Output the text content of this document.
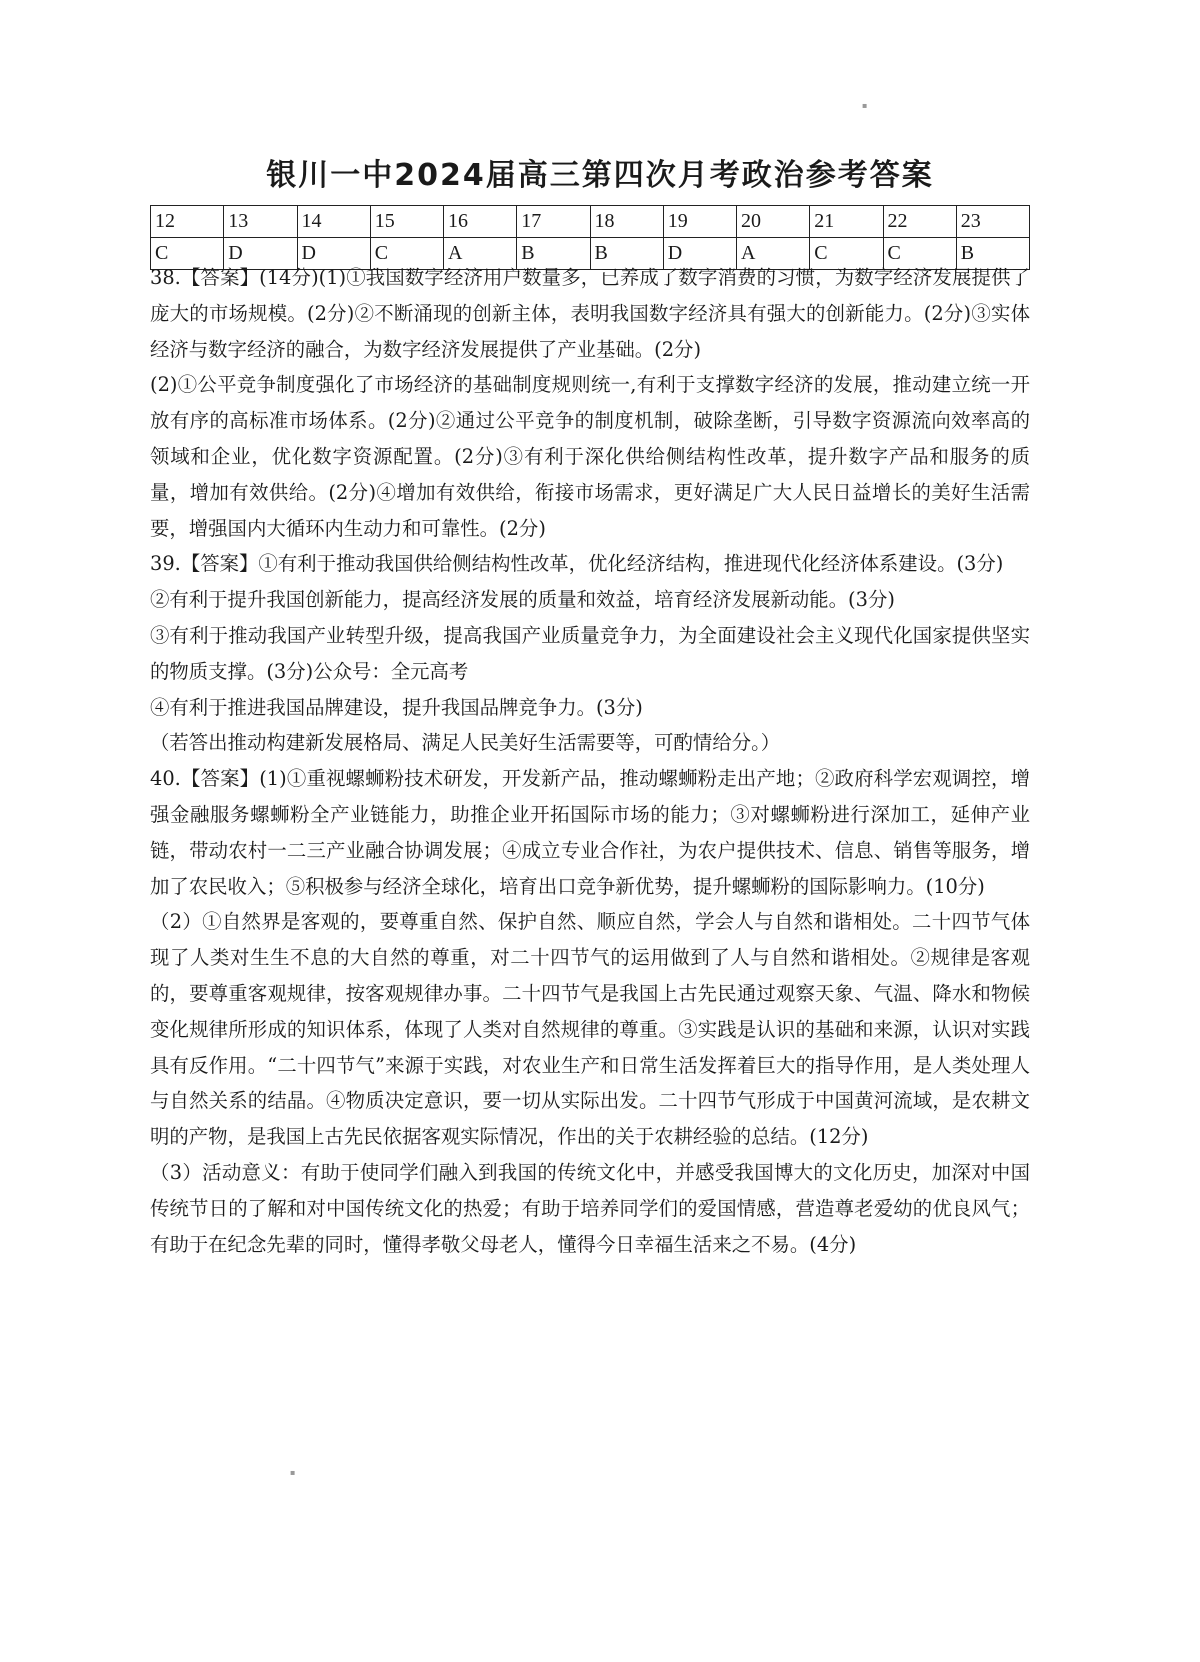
▪
银川一中2024届高三第四次月考政治参考答案
12	13	14	15	16	17	18	19	20	21	22	23
C	D	D	C	A	B	B	D	A	C	C	B

38.【答案】(14分)(1)①我国数字经济用户数量多，已养成了数字消费的习惯，为数字经济发展提供了庞大的市场规模。(2分)②不断涌现的创新主体，表明我国数字经济具有强大的创新能力。(2分)③实体经济与数字经济的融合，为数字经济发展提供了产业基础。(2分)

(2)①公平竞争制度强化了市场经济的基础制度规则统一,有利于支撑数字经济的发展，推动建立统一开放有序的高标准市场体系。(2分)②通过公平竞争的制度机制，破除垄断，引导数字资源流向效率高的领域和企业，优化数字资源配置。(2分)③有利于深化供给侧结构性改革，提升数字产品和服务的质量，增加有效供给。(2分)④增加有效供给，衔接市场需求，更好满足广大人民日益增长的美好生活需要，增强国内大循环内生动力和可靠性。(2分)

39.【答案】①有利于推动我国供给侧结构性改革，优化经济结构，推进现代化经济体系建设。(3分)

②有利于提升我国创新能力，提高经济发展的质量和效益，培育经济发展新动能。(3分)

③有利于推动我国产业转型升级，提高我国产业质量竞争力，为全面建设社会主义现代化国家提供坚实的物质支撑。(3分)公众号：全元高考

④有利于推进我国品牌建设，提升我国品牌竞争力。(3分)

（若答出推动构建新发展格局、满足人民美好生活需要等，可酌情给分。）

40.【答案】(1)①重视螺蛳粉技术研发，开发新产品，推动螺蛳粉走出产地；②政府科学宏观调控，增强金融服务螺蛳粉全产业链能力，助推企业开拓国际市场的能力；③对螺蛳粉进行深加工，延伸产业链，带动农村一二三产业融合协调发展；④成立专业合作社，为农户提供技术、信息、销售等服务，增加了农民收入；⑤积极参与经济全球化，培育出口竞争新优势，提升螺蛳粉的国际影响力。(10分)

（2）①自然界是客观的，要尊重自然、保护自然、顺应自然，学会人与自然和谐相处。二十四节气体现了人类对生生不息的大自然的尊重，对二十四节气的运用做到了人与自然和谐相处。②规律是客观的，要尊重客观规律，按客观规律办事。二十四节气是我国上古先民通过观察天象、气温、降水和物候变化规律所形成的知识体系，体现了人类对自然规律的尊重。③实践是认识的基础和来源，认识对实践具有反作用。“二十四节气”来源于实践，对农业生产和日常生活发挥着巨大的指导作用，是人类处理人与自然关系的结晶。④物质决定意识，要一切从实际出发。二十四节气形成于中国黄河流域，是农耕文明的产物，是我国上古先民依据客观实际情况，作出的关于农耕经验的总结。(12分)

（3）活动意义：有助于使同学们融入到我国的传统文化中，并感受我国博大的文化历史，加深对中国传统节日的了解和对中国传统文化的热爱；有助于培养同学们的爱国情感，营造尊老爱幼的优良风气；有助于在纪念先辈的同时，懂得孝敬父母老人，懂得今日幸福生活来之不易。(4分)

▪
